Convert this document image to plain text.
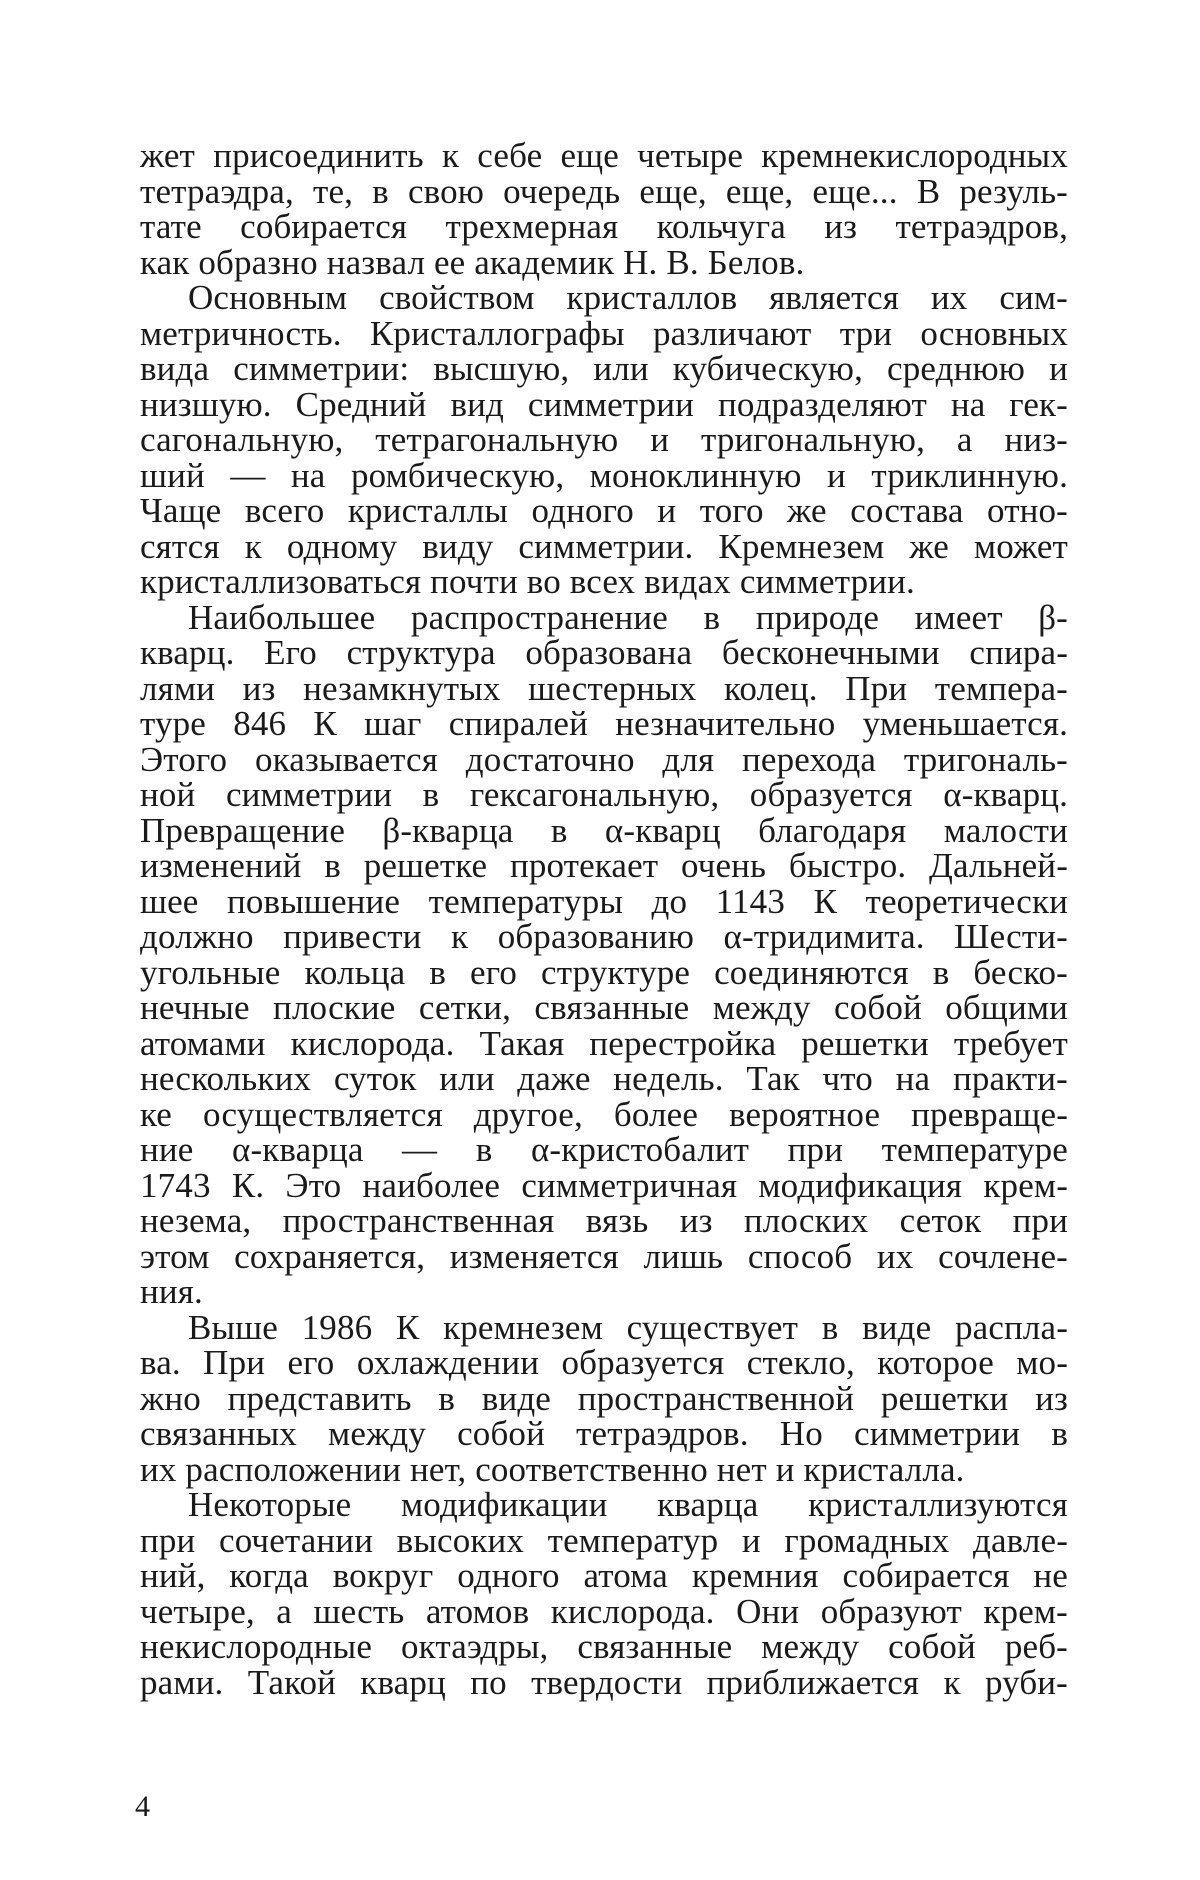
жет присоединить к себе еще четыре кремнекислородных
тетраэдра, те, в свою очередь еще, еще, еще... В резуль-
тате собирается трехмерная кольчуга из тетраэдров,
как образно назвал ее академик Н. В. Белов.

Основным свойством кристаллов является их сим-
метричность. Кристаллографы различают три основных
вида симметрии: высшую, или кубическую, среднюю и
низшую. Средний вид симметрии подразделяют на гек-
сагональную, тетрагональную и тригональную, а низ-
ший — на ромбическую, моноклинную и триклинную.
Чаще всего кристаллы одного и того же состава отно-
сятся к одному виду симметрии. Кремнезем же может
кристаллизоваться почти во всех видах симметрии.

Наибольшее распространение в природе имеет β-
кварц. Его структура образована бесконечными спира-
лями из незамкнутых шестерных колец. При темпера-
туре 846 К шаг спиралей незначительно уменьшается.
Этого оказывается достаточно для перехода тригональ-
ной симметрии в гексагональную, образуется α-кварц.
Превращение β-кварца в α-кварц благодаря малости
изменений в решетке протекает очень быстро. Дальней-
шее повышение температуры до 1143 К теоретически
должно привести к образованию α-тридимита. Шести-
угольные кольца в его структуре соединяются в беско-
нечные плоские сетки, связанные между собой общими
атомами кислорода. Такая перестройка решетки требует
нескольких суток или даже недель. Так что на практи-
ке осуществляется другое, более вероятное превраще-
ние α-кварца — в α-кристобалит при температуре
1743 К. Это наиболее симметричная модификация крем-
незема, пространственная вязь из плоских сеток при
этом сохраняется, изменяется лишь способ их сочлене-
ния.

Выше 1986 К кремнезем существует в виде распла-
ва. При его охлаждении образуется стекло, которое мо-
жно представить в виде пространственной решетки из
связанных между собой тетраэдров. Но симметрии в
их расположении нет, соответственно нет и кристалла.

Некоторые модификации кварца кристаллизуются
при сочетании высоких температур и громадных давле-
ний, когда вокруг одного атома кремния собирается не
четыре, а шесть атомов кислорода. Они образуют крем-
некислородные октаэдры, связанные между собой реб-
рами. Такой кварц по твердости приближается к руби-

4
